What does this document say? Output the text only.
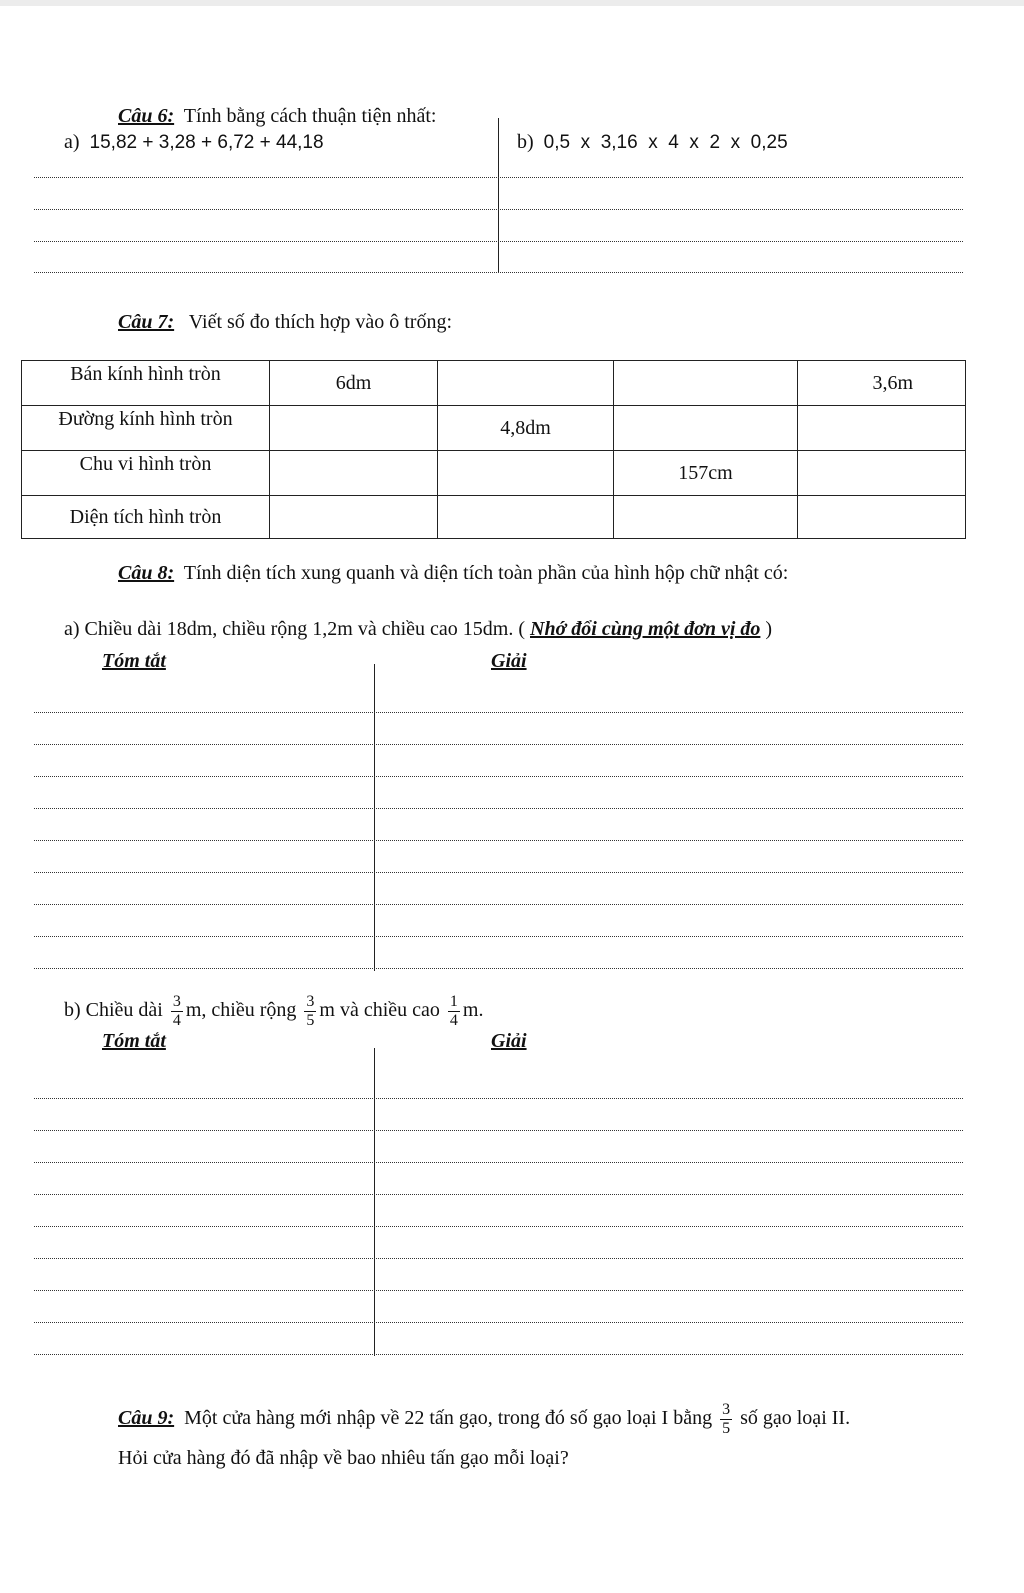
Câu 6: Tính bằng cách thuận tiện nhất:
a) 15,82 + 3,28 + 6,72 + 44,18	b) 0,5  x  3,16  x  4  x  2  x  0,25
Câu 7: Viết số đo thích hợp vào ô trống:
Bán kính hình tròn	6dm			3,6m
Đường kính hình tròn		4,8dm		
Chu vi hình tròn			157cm	
Diện tích hình tròn				
Câu 8: Tính diện tích xung quanh và diện tích toàn phần của hình hộp chữ nhật có:
a) Chiều dài 18dm, chiều rộng 1,2m và chiều cao 15dm. ( Nhớ đổi cùng một đơn vị đo )
Tóm tắt	Giải
b) Chiều dài $\frac{3}{4} m$, chiều rộng $\frac{3}{5}$ m và chiều cao $\frac{1}{4} m$.
Tóm tắt	Giải
Câu 9: Một cửa hàng mới nhập về 22 tấn gạo, trong đó số gạo loại I bằng $\frac{3}{5}$ số gạo loại II.
Hỏi cửa hàng đó đã nhập về bao nhiêu tấn gạo mỗi loại?
